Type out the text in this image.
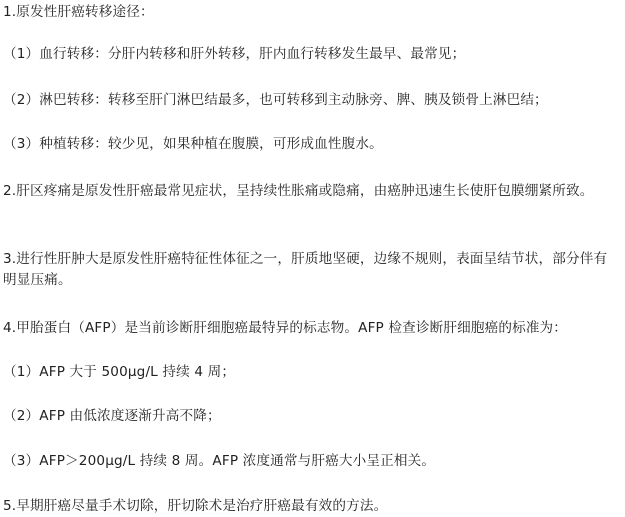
1.原发性肝癌转移途径：

（1）血行转移：分肝内转移和肝外转移，肝内血行转移发生最早、最常见；

（2）淋巴转移：转移至肝门淋巴结最多，也可转移到主动脉旁、脾、胰及锁骨上淋巴结；

（3）种植转移：较少见，如果种植在腹膜，可形成血性腹水。

2.肝区疼痛是原发性肝癌最常见症状，呈持续性胀痛或隐痛，由癌肿迅速生长使肝包膜绷紧所致。

3.进行性肝肿大是原发性肝癌特征性体征之一，肝质地坚硬，边缘不规则，表面呈结节状，部分伴有明显压痛。

4.甲胎蛋白（AFP）是当前诊断肝细胞癌最特异的标志物。AFP 检查诊断肝细胞癌的标准为：

（1）AFP 大于 500μg/L 持续 4 周；

（2）AFP 由低浓度逐渐升高不降；

（3）AFP＞200μg/L 持续 8 周。AFP 浓度通常与肝癌大小呈正相关。

5.早期肝癌尽量手术切除，肝切除术是治疗肝癌最有效的方法。
